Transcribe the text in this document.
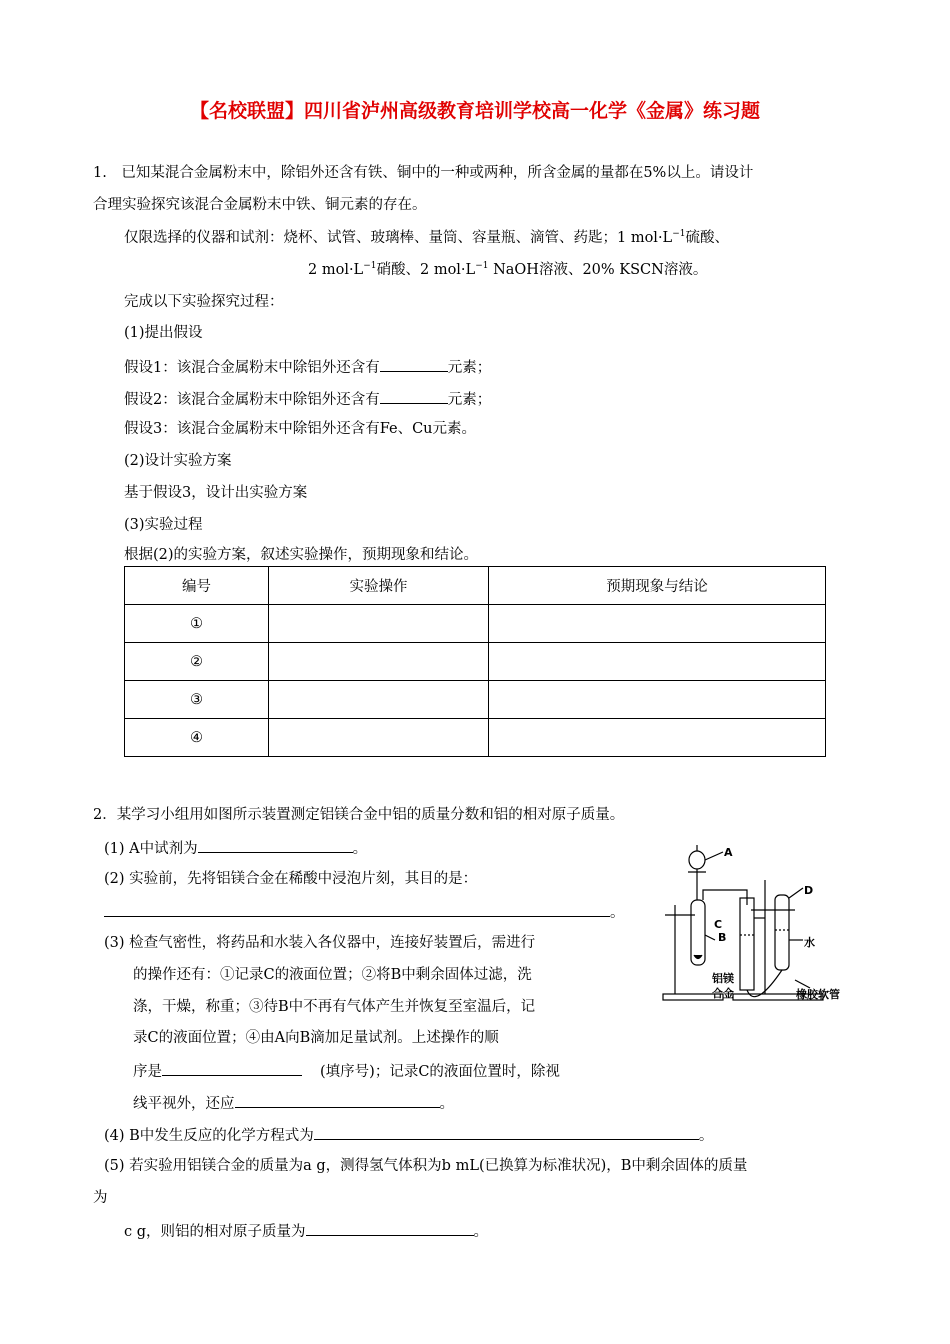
【名校联盟】四川省泸州高级教育培训学校高一化学《金属》练习题
1.　已知某混合金属粉末中，除铝外还含有铁、铜中的一种或两种，所含金属的量都在5%以上。请设计
合理实验探究该混合金属粉末中铁、铜元素的存在。
仅限选择的仪器和试剂：烧杯、试管、玻璃棒、量筒、容量瓶、滴管、药匙；1 $mol\cdot L^{-1}$硫酸、
2 $mol\cdot L^{-1}$硝酸、2 $mol\cdot L^{-1}$ NaOH溶液、20% KSCN溶液。
完成以下实验探究过程：
(1)提出假设
假设1：该混合金属粉末中除铝外还含有	元素；
假设2：该混合金属粉末中除铝外还含有	元素；
假设3：该混合金属粉末中除铝外还含有Fe、Cu元素。
(2)设计实验方案
基于假设3，设计出实验方案
(3)实验过程
根据(2)的实验方案，叙述实验操作，预期现象和结论。
编号	实验操作	预期现象与结论
①		
②		
③		
④		
2．某学习小组用如图所示装置测定铝镁合金中铝的质量分数和铝的相对原子质量。
(1) A中试剂为	。
(2) 实验前，先将铝镁合金在稀酸中浸泡片刻，其目的是：
。
(3) 检查气密性，将药品和水装入各仪器中，连接好装置后，需进行
的操作还有：①记录C的液面位置；②将B中剩余固体过滤，洗
涤，干燥，称重；③待B中不再有气体产生并恢复至室温后，记
录C的液面位置；④由A向B滴加足量试剂。上述操作的顺
序是	(填序号)；记录C的液面位置时，除视
线平视外，还应	。
(4) B中发生反应的化学方程式为	。
(5) 若实验用铝镁合金的质量为a g，测得氢气体积为b mL(已换算为标准状况)，B中剩余固体的质量
为
c g，则铝的相对原子质量为	。
A
C
B
D
水
铝镁
合金	橡胶软管
